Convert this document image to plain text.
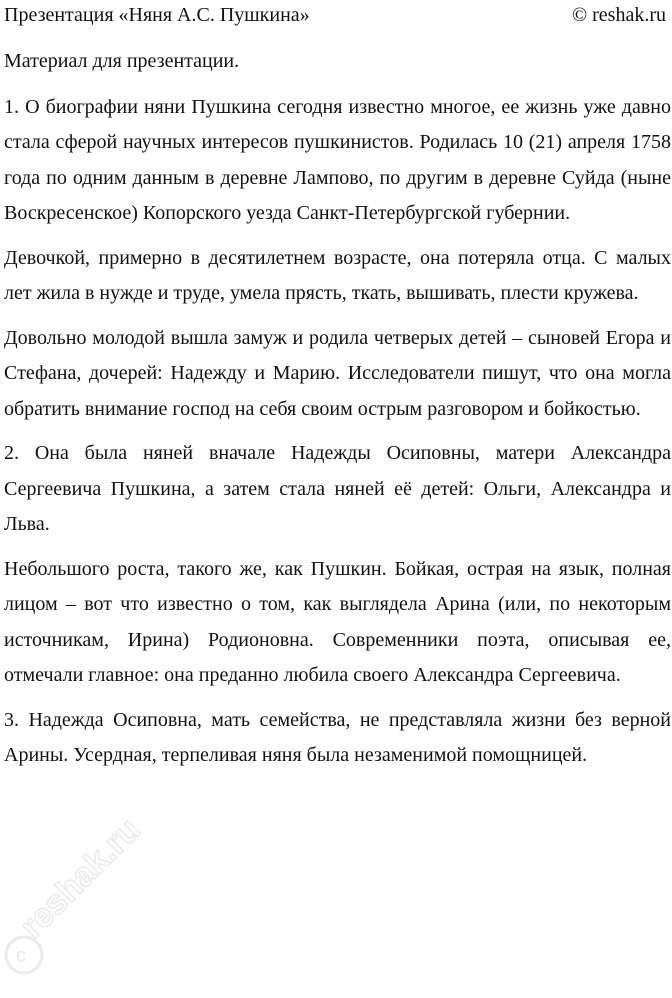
Презентация «Няня А.С. Пушкина»	© reshak.ru

Материал для презентации.

1. О биографии няни Пушкина сегодня известно многое, ее жизнь уже давно стала сферой научных интересов пушкинистов. Родилась 10 (21) апреля 1758 года по одним данным в деревне Лампово, по другим в деревне Суйда (ныне Воскресенское) Копорского уезда Санкт-Петербургской губернии.

Девочкой, примерно в десятилетнем возрасте, она потеряла отца. С малых лет жила в нужде и труде, умела прясть, ткать, вышивать, плести кружева.

Довольно молодой вышла замуж и родила четверых детей – сыновей Егора и Стефана, дочерей: Надежду и Марию. Исследователи пишут, что она могла обратить внимание господ на себя своим острым разговором и бойкостью.

2. Она была няней вначале Надежды Осиповны, матери Александра Сергеевича Пушкина, а затем стала няней её детей: Ольги, Александра и Льва.

Небольшого роста, такого же, как Пушкин. Бойкая, острая на язык, полная лицом – вот что известно о том, как выглядела Арина (или, по некоторым источникам, Ирина) Родионовна. Современники поэта, описывая ее, отмечали главное: она преданно любила своего Александра Сергеевича.

3. Надежда Осиповна, мать семейства, не представляла жизни без верной Арины. Усердная, терпеливая няня была незаменимой помощницей.

c
reshak.ru
